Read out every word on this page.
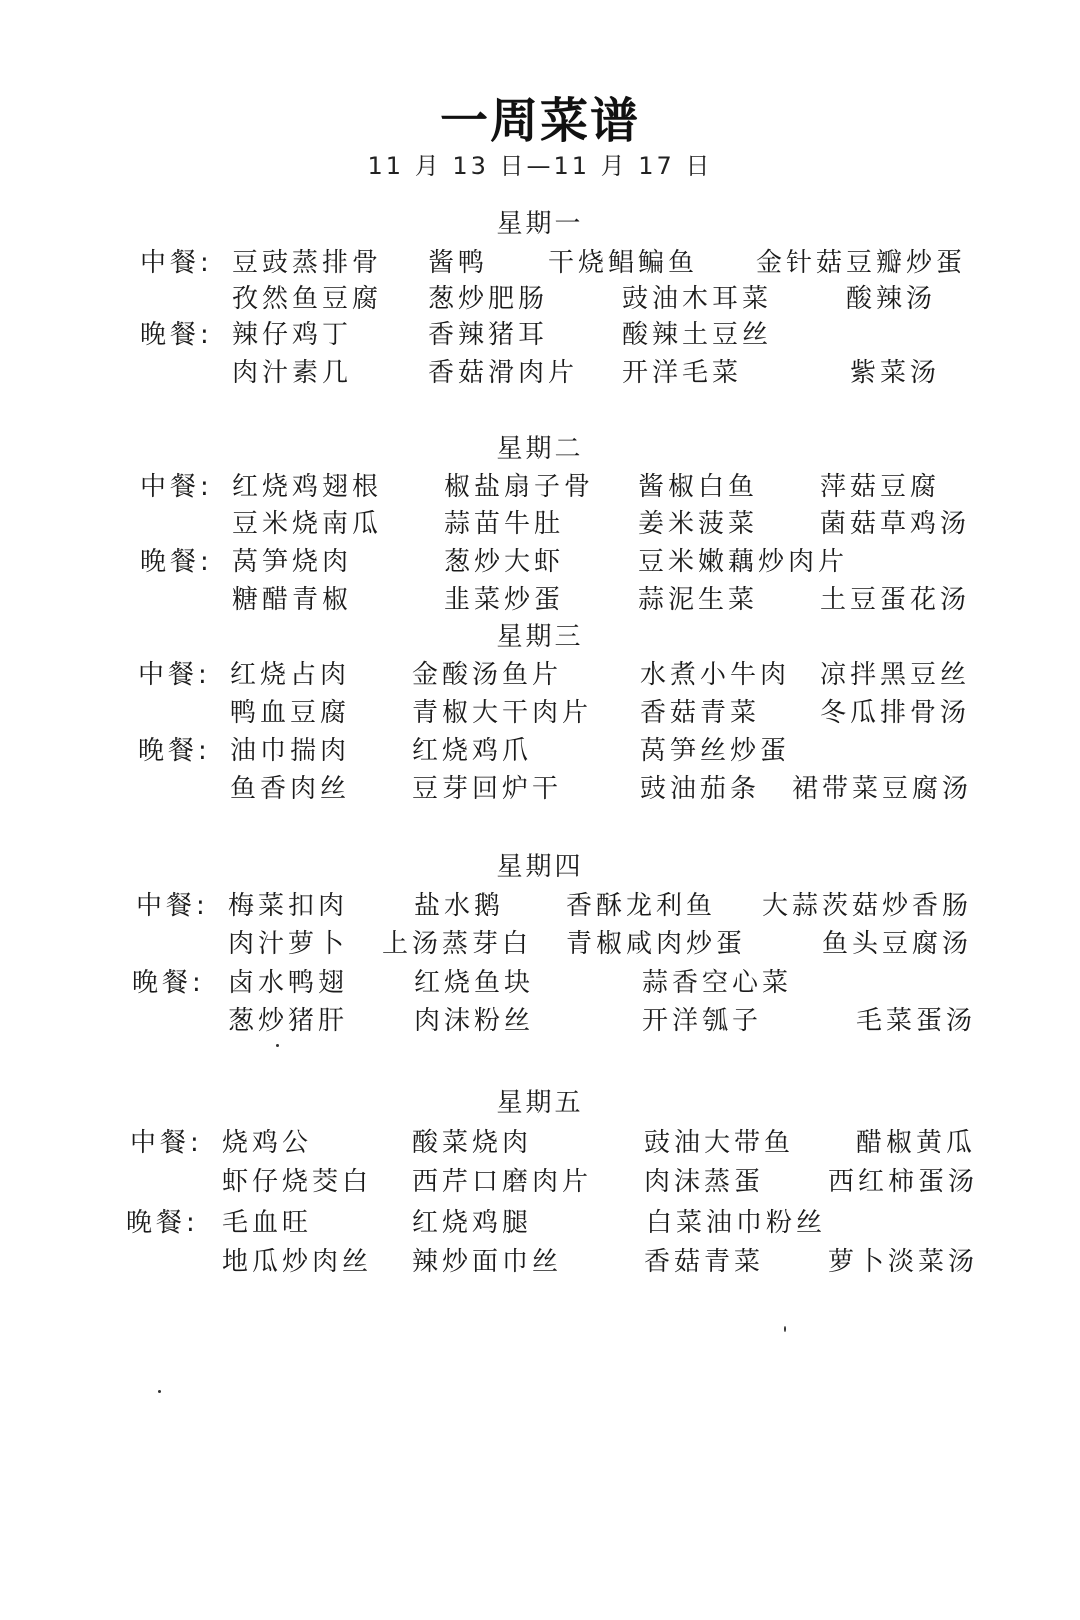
一周菜谱
11 月 13 日—11 月 17 日
星期一
中餐: 豆豉蒸排骨 酱鸭 干烧鲳鳊鱼 金针菇豆瓣炒蛋
孜然鱼豆腐 葱炒肥肠	豉油木耳菜	酸辣汤
晚餐: 辣仔鸡丁	香辣猪耳	酸辣土豆丝
肉汁素几	香菇滑肉片 开洋毛菜	紫菜汤
星期二
中餐: 红烧鸡翅根 椒盐扇子骨 酱椒白鱼 萍菇豆腐
豆米烧南瓜 蒜苗牛肚	姜米菠菜 菌菇草鸡汤
晚餐: 莴笋烧肉	葱炒大虾	豆米嫩藕炒肉片
糖醋青椒	韭菜炒蛋	蒜泥生菜 土豆蛋花汤
星期三
中餐: 红烧占肉 金酸汤鱼片	水煮小牛肉 凉拌黑豆丝
鸭血豆腐 青椒大干肉片 香菇青菜 冬瓜排骨汤
晚餐: 油巾揣肉 红烧鸡爪	莴笋丝炒蛋
鱼香肉丝 豆芽回炉干	豉油茄条 裙带菜豆腐汤
星期四
中餐: 梅菜扣肉	盐水鹅 香酥龙利鱼 大蒜茨菇炒香肠
肉汁萝卜 上汤蒸芽白 青椒咸肉炒蛋	鱼头豆腐汤
晚餐: 卤水鸭翅	红烧鱼块	蒜香空心菜
葱炒猪肝	肉沫粉丝	开洋瓠子	毛菜蛋汤
星期五
中餐: 烧鸡公	酸菜烧肉	豉油大带鱼 醋椒黄瓜
虾仔烧茭白 西芹口磨肉片 肉沫蒸蛋 西红柿蛋汤
晚餐: 毛血旺	红烧鸡腿	白菜油巾粉丝
地瓜炒肉丝 辣炒面巾丝	香菇青菜 萝卜淡菜汤
